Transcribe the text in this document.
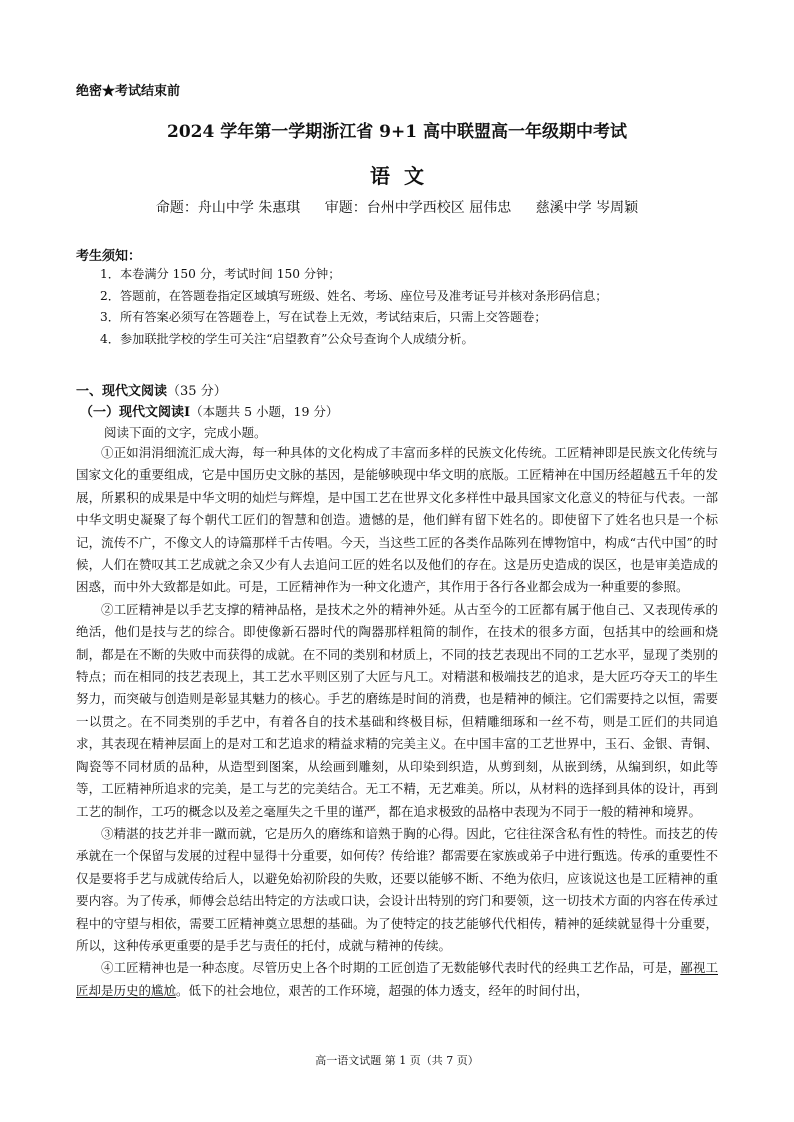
绝密★考试结束前
2024 学年第一学期浙江省 9+1 高中联盟高一年级期中考试
语文
命题：舟山中学 朱惠琪 审题：台州中学西校区 屈伟忠 慈溪中学 岑周颖
考生须知：
1．本卷满分 150 分，考试时间 150 分钟；
2．答题前，在答题卷指定区域填写班级、姓名、考场、座位号及准考证号并核对条形码信息；
3．所有答案必须写在答题卷上，写在试卷上无效，考试结束后，只需上交答题卷；
4．参加联批学校的学生可关注“启望教育”公众号查询个人成绩分析。
一、现代文阅读（35 分）
（一）现代文阅读Ⅰ（本题共 5 小题，19 分）
阅读下面的文字，完成小题。

①正如涓涓细流汇成大海，每一种具体的文化构成了丰富而多样的民族文化传统。工匠精神即是民族文化传统与国家文化的重要组成，它是中国历史文脉的基因，是能够映现中华文明的底版。工匠精神在中国历经超越五千年的发展，所累积的成果是中华文明的灿烂与辉煌，是中国工艺在世界文化多样性中最具国家文化意义的特征与代表。一部中华文明史凝聚了每个朝代工匠们的智慧和创造。遗憾的是，他们鲜有留下姓名的。即使留下了姓名也只是一个标记，流传不广，不像文人的诗篇那样千古传唱。今天，当这些工匠的各类作品陈列在博物馆中，构成“古代中国”的时候，人们在赞叹其工艺成就之余又少有人去追问工匠的姓名以及他们的存在。这是历史造成的误区，也是审美造成的困惑，而中外大致都是如此。可是，工匠精神作为一种文化遗产，其作用于各行各业都会成为一种重要的参照。

②工匠精神是以手艺支撑的精神品格，是技术之外的精神外延。从古至今的工匠都有属于他自己、又表现传承的绝活，他们是技与艺的综合。即使像新石器时代的陶器那样粗简的制作，在技术的很多方面，包括其中的绘画和烧制，都是在不断的失败中而获得的成就。在不同的类别和材质上，不同的技艺表现出不同的工艺水平，显现了类别的特点；而在相同的技艺表现上，其工艺水平则区别了大匠与凡工。对精湛和极端技艺的追求，是大匠巧夺天工的毕生努力，而突破与创造则是彰显其魅力的核心。手艺的磨练是时间的消费，也是精神的倾注。它们需要持之以恒，需要一以贯之。在不同类别的手艺中，有着各自的技术基础和终极目标，但精雕细琢和一丝不苟，则是工匠们的共同追求，其表现在精神层面上的是对工和艺追求的精益求精的完美主义。在中国丰富的工艺世界中，玉石、金银、青铜、陶瓷等不同材质的品种，从造型到图案，从绘画到雕刻，从印染到织造，从剪到刻，从嵌到绣，从编到织，如此等等，工匠精神所追求的完美，是工与艺的完美结合。无工不精，无艺难美。所以，从材料的选择到具体的设计，再到工艺的制作，工巧的概念以及差之毫厘失之千里的谨严，都在追求极致的品格中表现为不同于一般的精神和境界。

③精湛的技艺并非一蹴而就，它是历久的磨练和谙熟于胸的心得。因此，它往往深含私有性的特性。而技艺的传承就在一个保留与发展的过程中显得十分重要，如何传？传给谁？都需要在家族或弟子中进行甄选。传承的重要性不仅是要将手艺与成就传给后人，以避免始初阶段的失败，还要以能够不断、不绝为依归，应该说这也是工匠精神的重要内容。为了传承，师傅会总结出特定的方法或口诀，会设计出特别的窍门和要领，这一切技术方面的内容在传承过程中的守望与相依，需要工匠精神奠立思想的基础。为了使特定的技艺能够代代相传，精神的延续就显得十分重要，所以，这种传承更重要的是手艺与责任的托付，成就与精神的传续。

④工匠精神也是一种态度。尽管历史上各个时期的工匠创造了无数能够代表时代的经典工艺作品，可是，鄙视工匠却是历史的尴尬。低下的社会地位，艰苦的工作环境，超强的体力透支，经年的时间付出，

高一语文试题 第 1 页（共 7 页）
